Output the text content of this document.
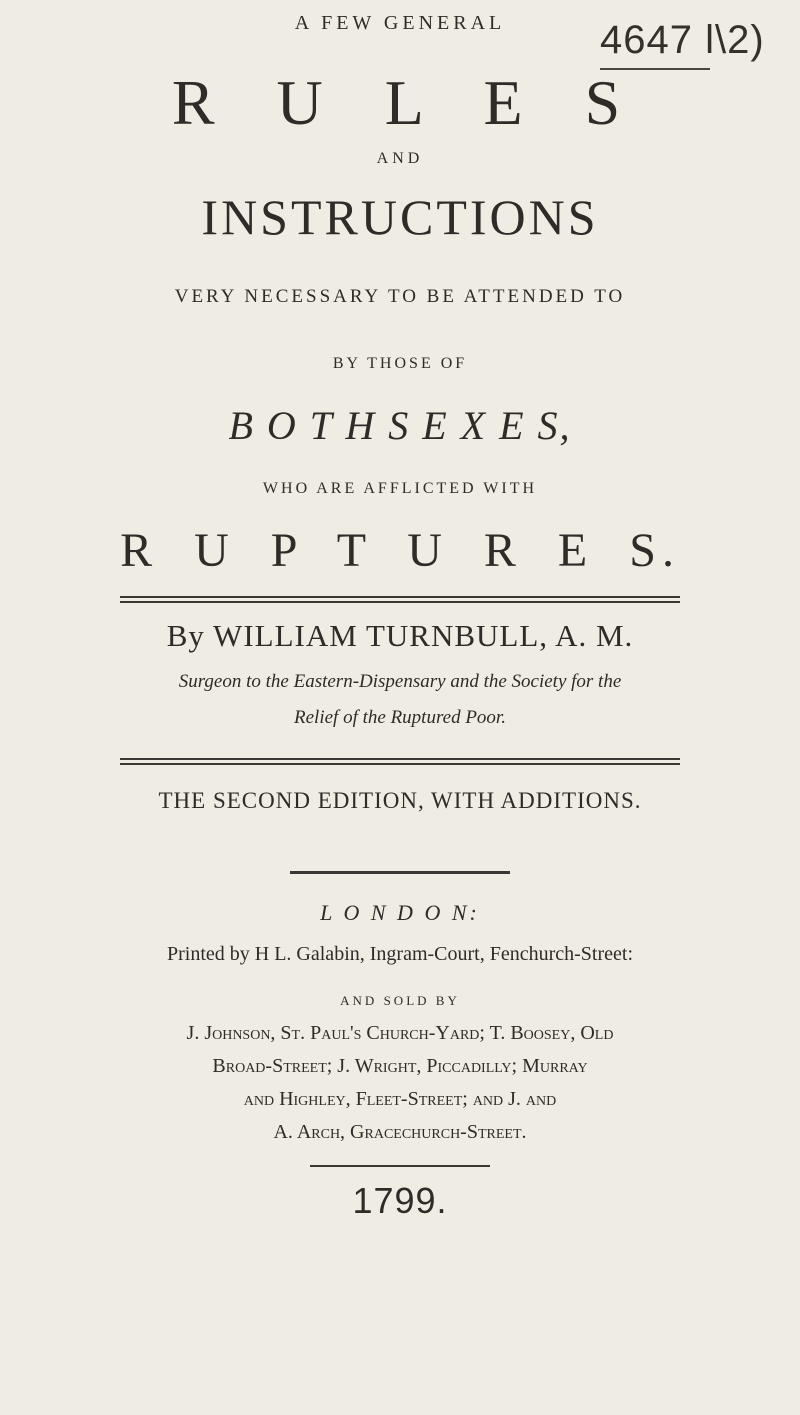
4647 l\2)
A FEW GENERAL
R U L E S
AND
INSTRUCTIONS
VERY NECESSARY TO BE ATTENDED TO
BY THOSE OF
B O T H S E X E S,
WHO ARE AFFLICTED WITH
R U P T U R E S.
By WILLIAM TURNBULL, A. M.
Surgeon to the Eastern-Dispensary and the Society for the
Relief of the Ruptured Poor.
THE SECOND EDITION, WITH ADDITIONS.
L O N D O N:
Printed by H L. Galabin, Ingram-Court, Fenchurch-Street:
AND SOLD BY
J. Johnson, St. Paul's Church-Yard; T. Boosey, Old
Broad-Street; J. Wright, Piccadilly; Murray
and Highley, Fleet-Street; and J. and
A. Arch, Gracechurch-Street.
1799.
